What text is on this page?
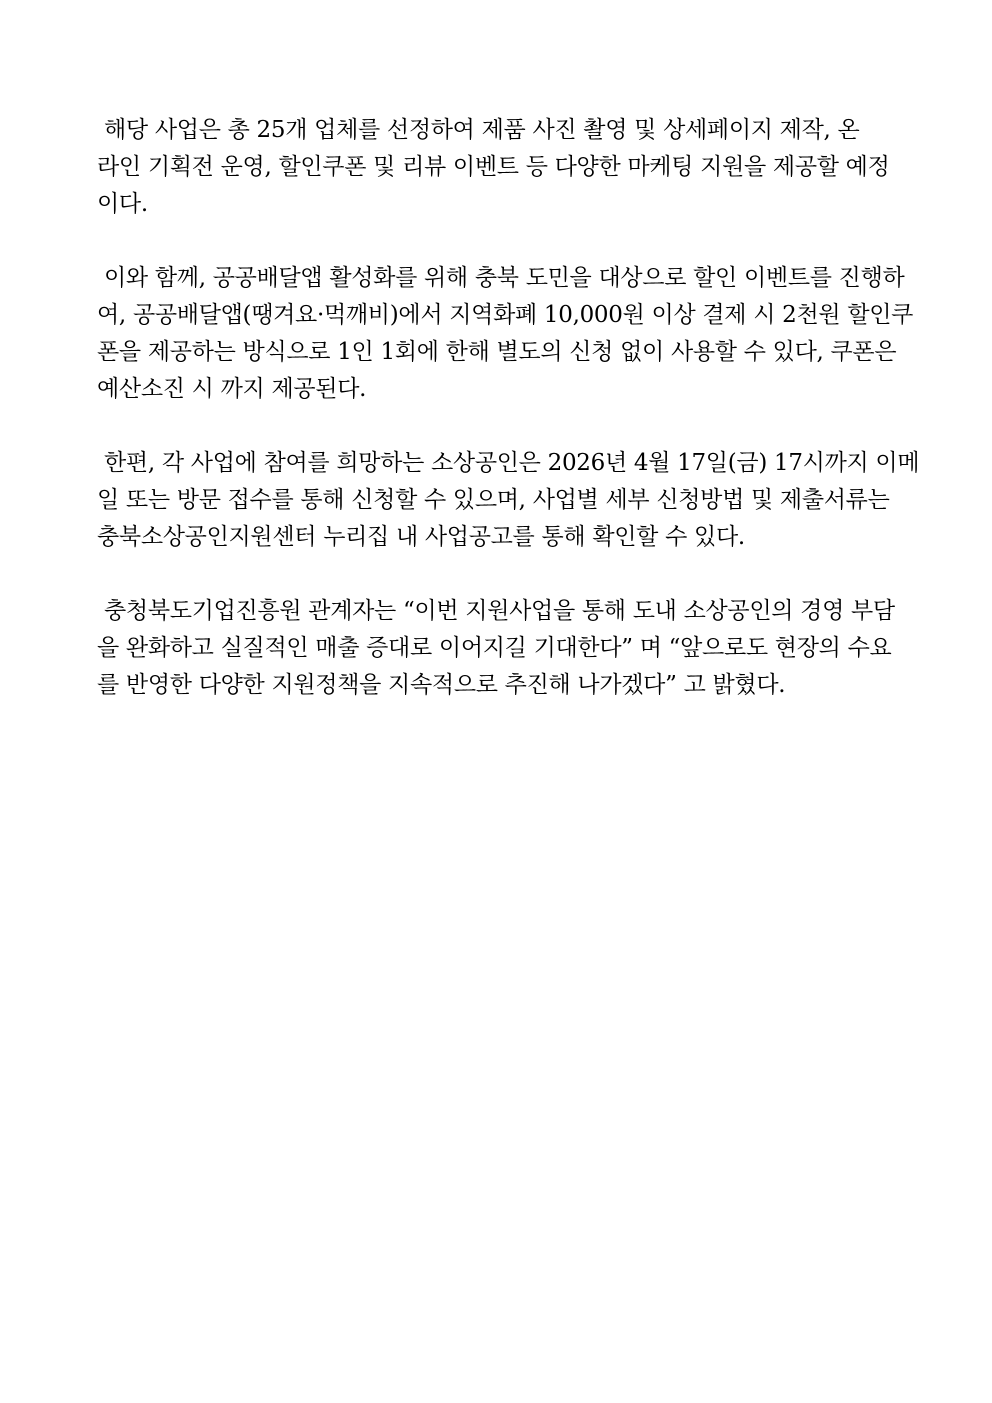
해당 사업은 총 25개 업체를 선정하여 제품 사진 촬영 및 상세페이지 제작, 온
라인 기획전 운영, 할인쿠폰 및 리뷰 이벤트 등 다양한 마케팅 지원을 제공할 예정
이다.

이와 함께, 공공배달앱 활성화를 위해 충북 도민을 대상으로 할인 이벤트를 진행하
여, 공공배달앱(땡겨요·먹깨비)에서 지역화폐 10,000원 이상 결제 시 2천원 할인쿠
폰을 제공하는 방식으로 1인 1회에 한해 별도의 신청 없이 사용할 수 있다, 쿠폰은
예산소진 시 까지 제공된다.

한편, 각 사업에 참여를 희망하는 소상공인은 2026년 4월 17일(금) 17시까지 이메
일 또는 방문 접수를 통해 신청할 수 있으며, 사업별 세부 신청방법 및 제출서류는
충북소상공인지원센터 누리집 내 사업공고를 통해 확인할 수 있다.

충청북도기업진흥원 관계자는 “이번 지원사업을 통해 도내 소상공인의 경영 부담
을 완화하고 실질적인 매출 증대로 이어지길 기대한다” 며 “앞으로도 현장의 수요
를 반영한 다양한 지원정책을 지속적으로 추진해 나가겠다” 고 밝혔다.
